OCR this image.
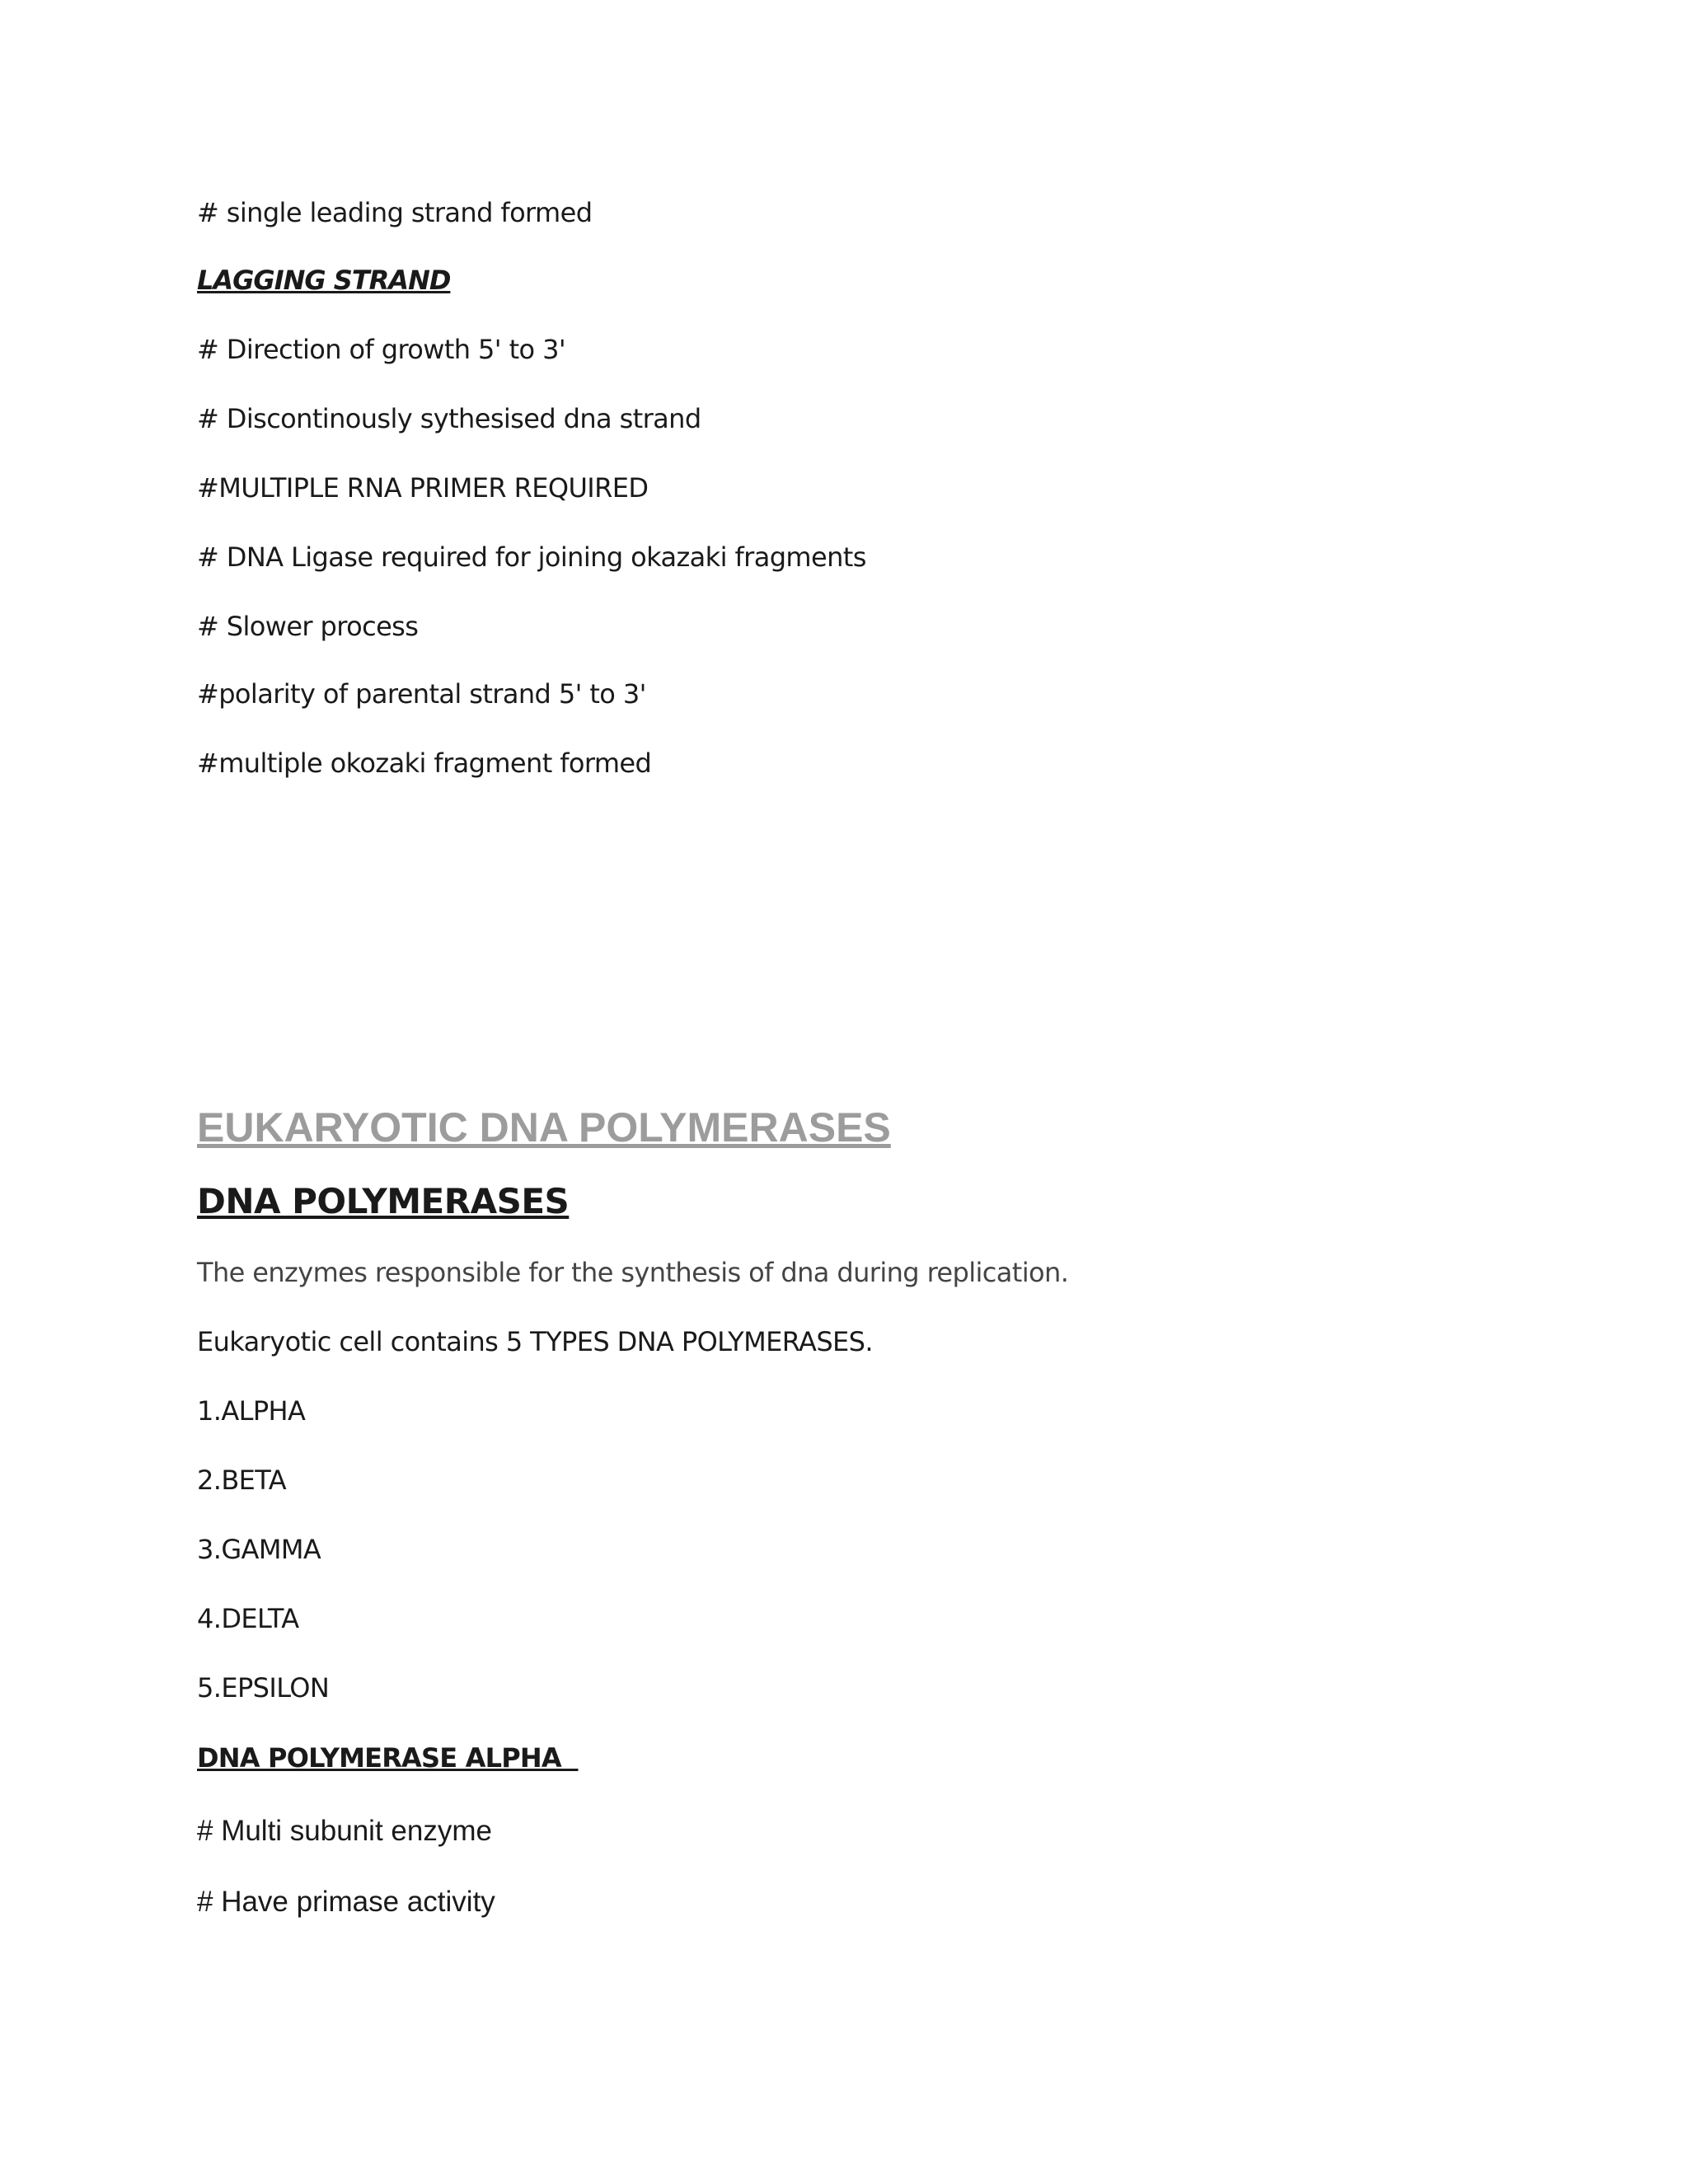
# single leading strand formed

LAGGING STRAND

# Direction of growth 5' to 3'

# Discontinously sythesised dna strand

#MULTIPLE RNA PRIMER REQUIRED

# DNA Ligase required for joining okazaki fragments

# Slower process

#polarity of parental strand 5' to 3'

#multiple okozaki fragment formed

EUKARYOTIC DNA POLYMERASES
DNA POLYMERASES

The enzymes responsible for the synthesis of dna during replication.

Eukaryotic cell contains 5 TYPES DNA POLYMERASES.

1.ALPHA

2.BETA

3.GAMMA

4.DELTA

5.EPSILON

DNA POLYMERASE ALPHA

# Multi subunit enzyme

# Have primase activity
